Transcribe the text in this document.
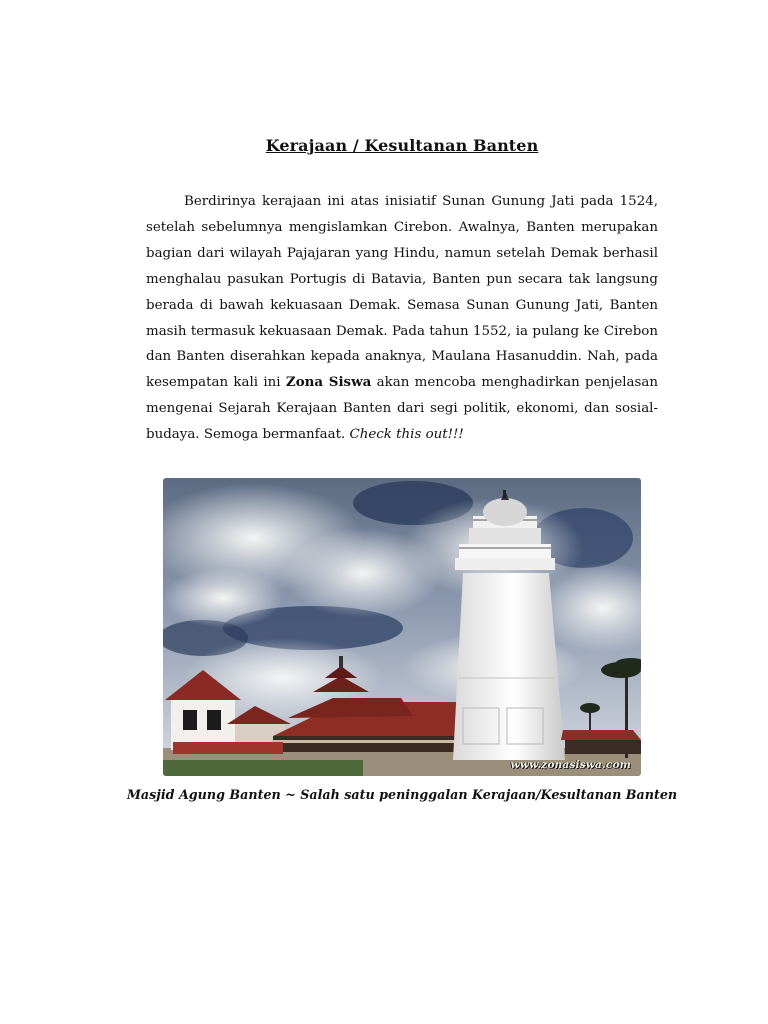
Kerajaan / Kesultanan Banten

Berdirinya kerajaan ini atas inisiatif Sunan Gunung Jati pada 1524, setelah sebelumnya mengislamkan Cirebon. Awalnya, Banten merupakan bagian dari wilayah Pajajaran yang Hindu, namun setelah Demak berhasil menghalau pasukan Portugis di Batavia, Banten pun secara tak langsung berada di bawah kekuasaan Demak. Semasa Sunan Gunung Jati, Banten masih termasuk kekuasaan Demak. Pada tahun 1552, ia pulang ke Cirebon dan Banten diserahkan kepada anaknya, Maulana Hasanuddin. Nah, pada kesempatan kali ini Zona Siswa akan mencoba menghadirkan penjelasan mengenai Sejarah Kerajaan Banten dari segi politik, ekonomi, dan sosial-budaya. Semoga bermanfaat. Check this out!!!

www.zonasiswa.com
Masjid Agung Banten ~ Salah satu peninggalan Kerajaan/Kesultanan Banten
